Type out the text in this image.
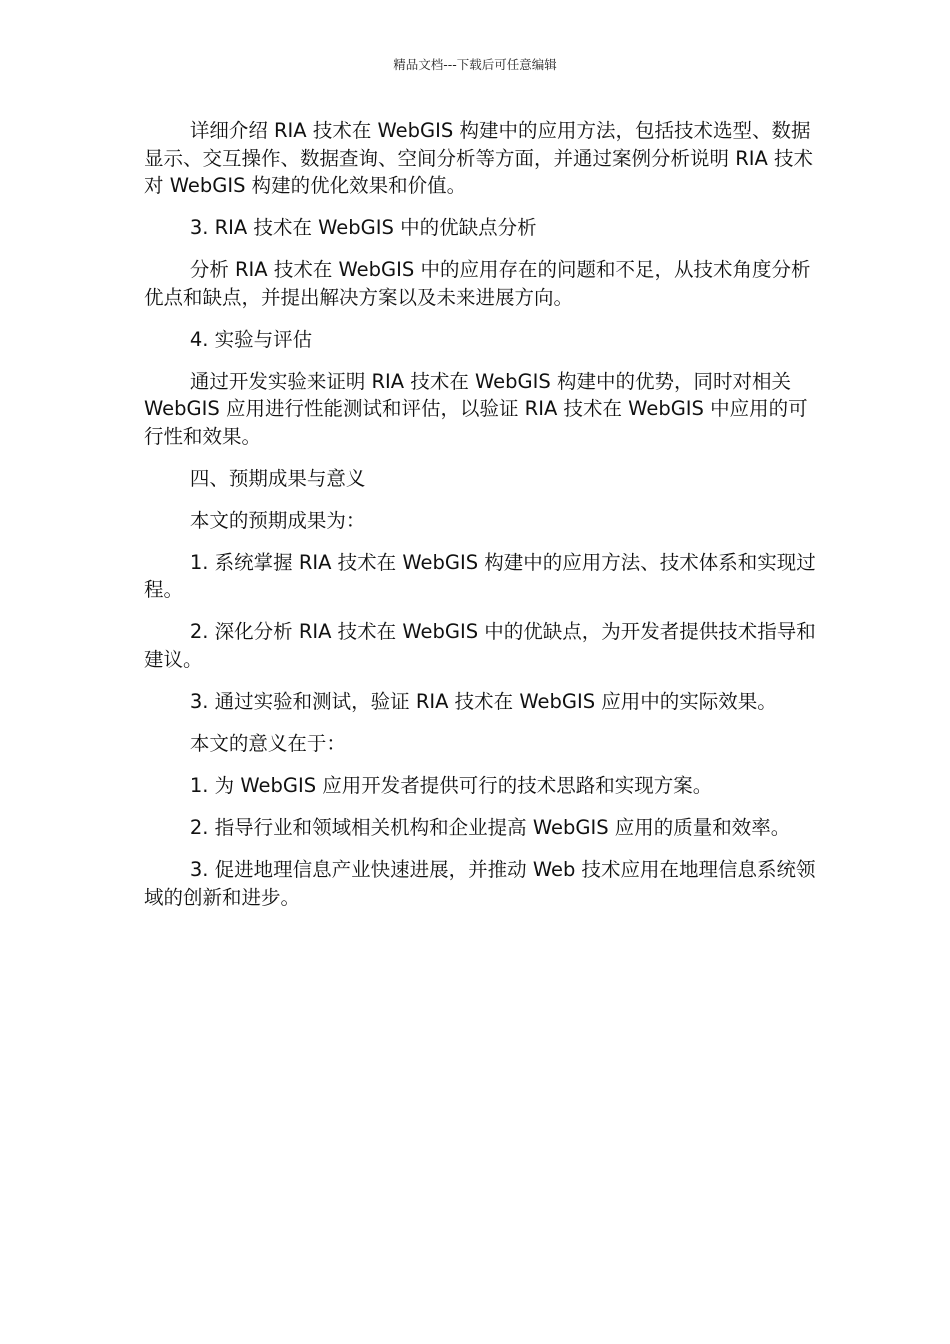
精品文档---下载后可任意编辑

详细介绍 RIA 技术在 WebGIS 构建中的应用方法，包括技术选型、数据显示、交互操作、数据查询、空间分析等方面，并通过案例分析说明 RIA 技术对 WebGIS 构建的优化效果和价值。

3. RIA 技术在 WebGIS 中的优缺点分析

分析 RIA 技术在 WebGIS 中的应用存在的问题和不足，从技术角度分析优点和缺点，并提出解决方案以及未来进展方向。

4. 实验与评估

通过开发实验来证明 RIA 技术在 WebGIS 构建中的优势，同时对相关 WebGIS 应用进行性能测试和评估，以验证 RIA 技术在 WebGIS 中应用的可行性和效果。

四、预期成果与意义

本文的预期成果为：

1. 系统掌握 RIA 技术在 WebGIS 构建中的应用方法、技术体系和实现过程。

2. 深化分析 RIA 技术在 WebGIS 中的优缺点，为开发者提供技术指导和建议。

3. 通过实验和测试，验证 RIA 技术在 WebGIS 应用中的实际效果。

本文的意义在于：

1. 为 WebGIS 应用开发者提供可行的技术思路和实现方案。

2. 指导行业和领域相关机构和企业提高 WebGIS 应用的质量和效率。

3. 促进地理信息产业快速进展，并推动 Web 技术应用在地理信息系统领域的创新和进步。
